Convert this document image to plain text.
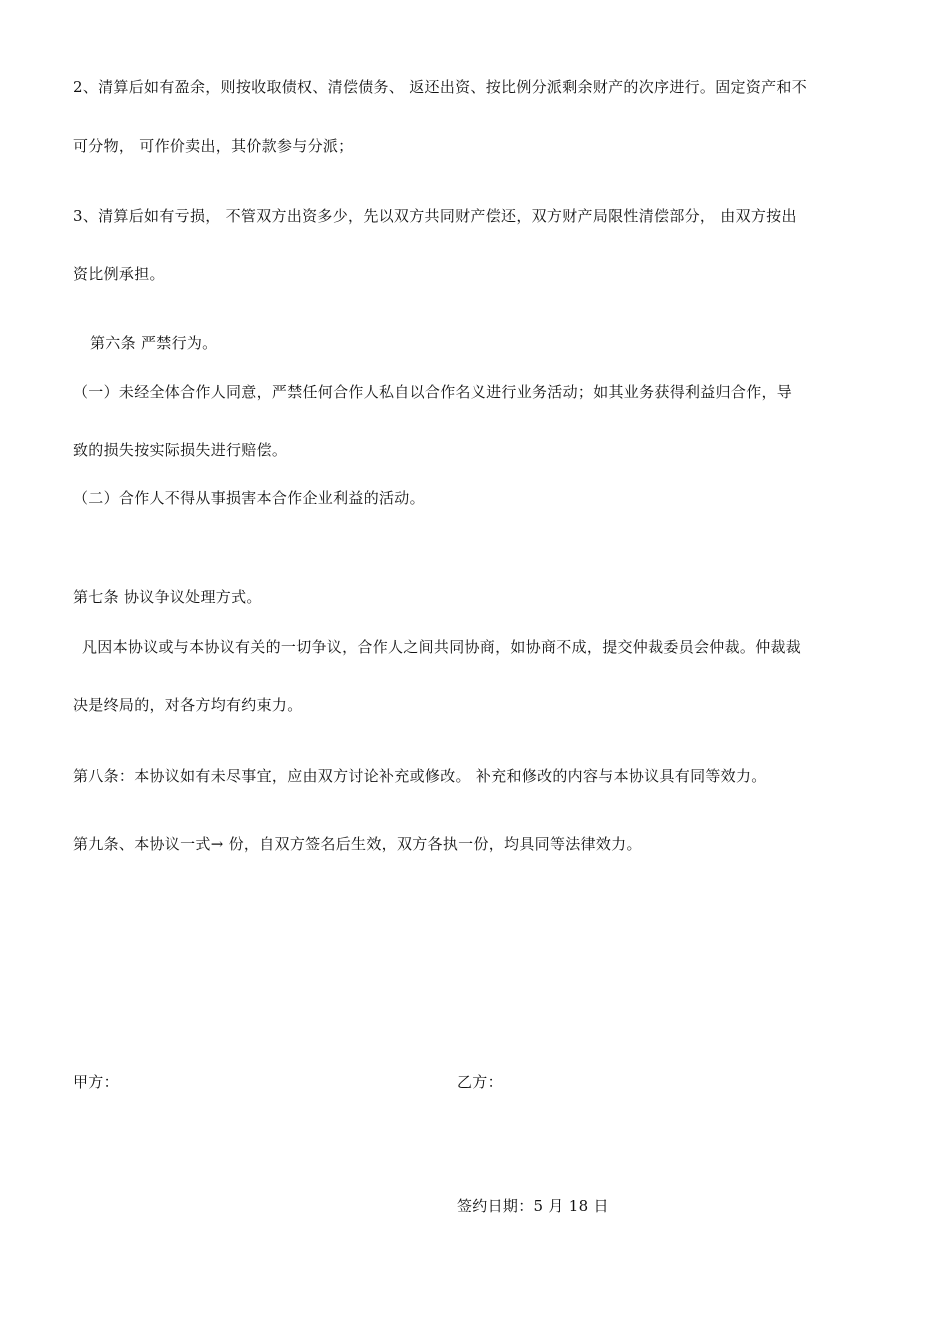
2、清算后如有盈余，则按收取债权、清偿债务、 返还出资、按比例分派剩余财产的次序进行。固定资产和不
可分物， 可作价卖出，其价款参与分派；
3、清算后如有亏损， 不管双方出资多少，先以双方共同财产偿还，双方财产局限性清偿部分， 由双方按出
资比例承担。
第六条 严禁行为。
（一）未经全体合作人同意，严禁任何合作人私自以合作名义进行业务活动；如其业务获得利益归合作，导
致的损失按实际损失进行赔偿。
（二）合作人不得从事损害本合作企业利益的活动。
第七条 协议争议处理方式。
凡因本协议或与本协议有关的一切争议，合作人之间共同协商，如协商不成，提交仲裁委员会仲裁。仲裁裁
决是终局的，对各方均有约束力。
第八条：本协议如有未尽事宜，应由双方讨论补充或修改。 补充和修改的内容与本协议具有同等效力。
第九条、本协议一式→ 份，自双方签名后生效，双方各执一份，均具同等法律效力。
甲方：	乙方：
签约日期：5 月 18 日
